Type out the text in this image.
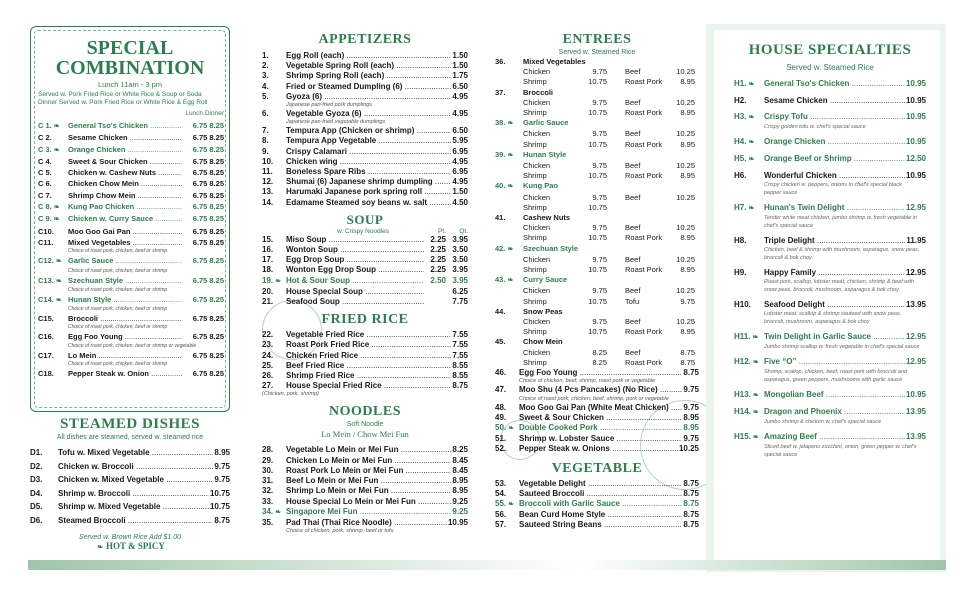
SPECIAL
COMBINATION
Lunch 11am - 3 pm
Served w. Pork Fried Rice or White Rice & Soup or Soda
Dinner Served w. Pork Fried Rice or White Rice & Egg Roll
Lunch Dinner
C 1. ❧	General Tso's Chicken .....	6.75 8.25
C 2.	Sesame Chicken .....	6.75 8.25
C 3. ❧	Orange Chicken .....	6.75 8.25
C 4.	Sweet & Sour Chicken .....	6.75 8.25
C 5.	Chicken w. Cashew Nuts .....	6.75 8.25
C 6.	Chicken Chow Mein .....	6.75 8.25
C 7.	Shrimp Chow Mein .....	6.75 8.25
C 8. ❧	Kung Pao Chicken .....	6.75 8.25
C 9. ❧	Chicken w. Curry Sauce .....	6.75 8.25
C10.	Moo Goo Gai Pan .....	6.75 8.25
C11.	Mixed Vegetables .....	6.75 8.25
Choice of roast pork, chicken, beef or shrimp
C12. ❧ Garlic Sauce .....	6.75 8.25
Choice of roast pork, chicken, beef or shrimp
C13. ❧ Szechuan Style .....	6.75 8.25
Choice of roast pork, chicken, beef or shrimp
C14. ❧ Hunan Style .....	6.75 8.25
Choice of roast pork, chicken, beef or shrimp
C15.	Broccoli .....	6.75 8.25
Choice of roast pork, chicken, beef or shrimp
C16.	Egg Foo Young .....	6.75 8.25
Choice of roast pork, chicken, beef or shrimp or vegetable
C17.	Lo Mein .....	6.75 8.25
Choice of roast pork, chicken, beef or shrimp
C18.	Pepper Steak w. Onion .....	6.75 8.25
STEAMED DISHES
All dishes are steamed, served w. steamed rice
D1.	Tofu w. Mixed Vegetable .....	8.95
D2.	Chicken w. Broccoli .....	9.75
D3.	Chicken w. Mixed Vegetable .....	9.75
D4.	Shrimp w. Broccoli .....	10.75
D5.	Shrimp w. Mixed Vegetable .....	10.75
D6.	Steamed Broccoli .....	8.75
Served w. Brown Rice Add $1.00
❧ HOT & SPICY
APPETIZERS
1.	Egg Roll (each) .....	1.50
2.	Vegetable Spring Roll (each) .....	1.50
3.	Shrimp Spring Roll (each) .....	1.75
4.	Fried or Steamed Dumpling (6) .....	6.50
5.	Gyoza (6) .....	4.95
Japanese pan-fried pork dumplings
6.	Vegetable Gyoza (6) .....	4.95
Japanese pan-fried vegetable dumplings
7.	Tempura App (Chicken or shrimp) .....	6.50
8.	Tempura App Vegetable .....	5.95
9.	Crispy Calamari .....	6.95
10.	Chicken wing .....	4.95
11.	Boneless Spare Ribs .....	6.95
12.	Shumai (6) Japanese shrimp dumpling .....	4.95
13.	Harumaki Japanese pork spring roll .....	1.50
14.	Edamame Steamed soy beans w. salt .....	4.50
SOUP
w. Crispy Noodles	Pt.	Qt.
15.	Miso Soup .....	2.25 3.95
16.	Wonton Soup .....	2.25 3.50
17.	Egg Drop Soup .....	2.25 3.50
18.	Wonton Egg Drop Soup .....	2.25 3.95
19. ❧ Hot & Sour Soup .....	2.50 3.95
20.	House Special Soup .....	6.25
21.	Seafood Soup .....	7.75
FRIED RICE
22.	Vegetable Fried Rice .....	7.55
23.	Roast Pork Fried Rice .....	7.55
24.	Chicken Fried Rice .....	7.55
25.	Beef Fried Rice .....	8.55
26.	Shrimp Fried Rice .....	8.55
27.	House Special Fried Rice .....	8.75
(Chicken, pork, shrimp)
NOODLES
Soft Noodle
Lo Mein / Chow Mei Fun
28.	Vegetable Lo Mein or Mei Fun .....	8.25
29.	Chicken Lo Mein or Mei Fun .....	8.45
30.	Roast Pork Lo Mein or Mei Fun .....	8.45
31.	Beef Lo Mein or Mei Fun .....	8.95
32.	Shrimp Lo Mein or Mei Fun .....	8.95
33.	House Special Lo Mein or Mei Fun .....	9.25
34. ❧ Singapore Mei Fun .....	9.25
35.	Pad Thai (Thai Rice Noodle) .....	10.95
Choice of chicken, pork, shrimp, beef or tofu
ENTREES
Served w. Steamed Rice
36.	Mixed Vegetables
Chicken	9.75	Beef	10.25
Shrimp	10.75	Roast Pork	8.95
37.	Broccoli
Chicken	9.75	Beef	10.25
Shrimp	10.75	Roast Pork	8.95
38. ❧	Garlic Sauce
Chicken	9.75	Beef	10.25
Shrimp	10.75	Roast Pork	8.95
39. ❧	Hunan Style
Chicken	9.75	Beef	10.25
Shrimp	10.75	Roast Pork	8.95
40. ❧	Kung Pao
Chicken	9.75	Beef	10.25
Shrimp	10.75
41.	Cashew Nuts
Chicken	9.75	Beef	10.25
Shrimp	10.75	Roast Pork	8.95
42. ❧	Szechuan Style
Chicken	9.75	Beef	10.25
Shrimp	10.75	Roast Pork	8.95
43. ❧	Curry Sauce
Chicken	9.75	Beef	10.25
Shrimp	10.75	Tofu	9.75
44.	Snow Peas
Chicken	9.75	Beef	10.25
Shrimp	10.75	Roast Pork	8.95
45.	Chow Mein
Chicken	8.25	Beef	8.75
Shrimp	8.25	Roast Pork	8.75
46.	Egg Foo Young .....	8.75
Choice of chicken, beef, shrimp, roast pork or vegetable
47.	Moo Shu (4 Pcs Pancakes) (No Rice) .....	9.75
Choice of roast pork, chicken, beef, shrimp, pork or vegetable
48.	Moo Goo Gai Pan (White Meat Chicken) .....	9.75
49.	Sweet & Sour Chicken .....	8.95
50. ❧ Double Cooked Pork .....	8.95
51.	Shrimp w. Lobster Sauce .....	9.75
52.	Pepper Steak w. Onions .....	10.25
VEGETABLE
53.	Vegetable Delight .....	8.75
54.	Sauteed Broccoli .....	8.75
55. ❧ Broccoli with Garlic Sauce .....	8.75
56.	Bean Curd Home Style .....	8.75
57.	Sauteed String Beans .....	8.75
HOUSE SPECIALTIES
Served w. Steamed Rice
H1. ❧	General Tso's Chicken .....	10.95
H2.	Sesame Chicken .....	10.95
H3. ❧	Crispy Tofu .....	10.95
Crispy golden tofu w. chef's special sauce
H4. ❧	Orange Chicken .....	10.95
H5. ❧	Orange Beef or Shrimp .....	12.50
H6.	Wonderful Chicken .....	10.95
Crispy chicken w. peppers, onions in chef's special black pepper sauce
H7. ❧	Hunan's Twin Delight .....	12.95
Tender white meat chicken, jumbo shrimp w. fresh vegetable in chef's special sauce
H8.	Triple Delight .....	11.95
Chicken, beef & shrimp with mushroom, asparagus, snow peas, broccoli & bok choy
H9.	Happy Family .....	12.95
Roast pork, scallop, lobster meat, chicken, shrimp & beef with snow peas, broccoli, mushroom, asparagus & bok choy
H10.	Seafood Delight .....	13.95
Lobster meat, scallop & shrimp sauteed with snow peas, broccoli, mushroom, asparagus & bok choy
H11. ❧ Twin Delight in Garlic Sauce .....	12.95
Jumbo shrimp scallop w. fresh vegetable in chef's special sauce
H12. ❧ Five “O” .....	12.95
Shrimp, scallop, chicken, beef, roast pork with broccoli and asparagus, green peppers, mushrooms with garlic sauce
H13. ❧ Mongolian Beef .....	10.95
H14. ❧ Dragon and Phoenix .....	13.95
Jumbo shrimp & chicken w. chef's special sauce
H15. ❧ Amazing Beef .....	13.95
Sliced beef w. jalapeno zucchini, onion, green pepper w. chef's special sauce
